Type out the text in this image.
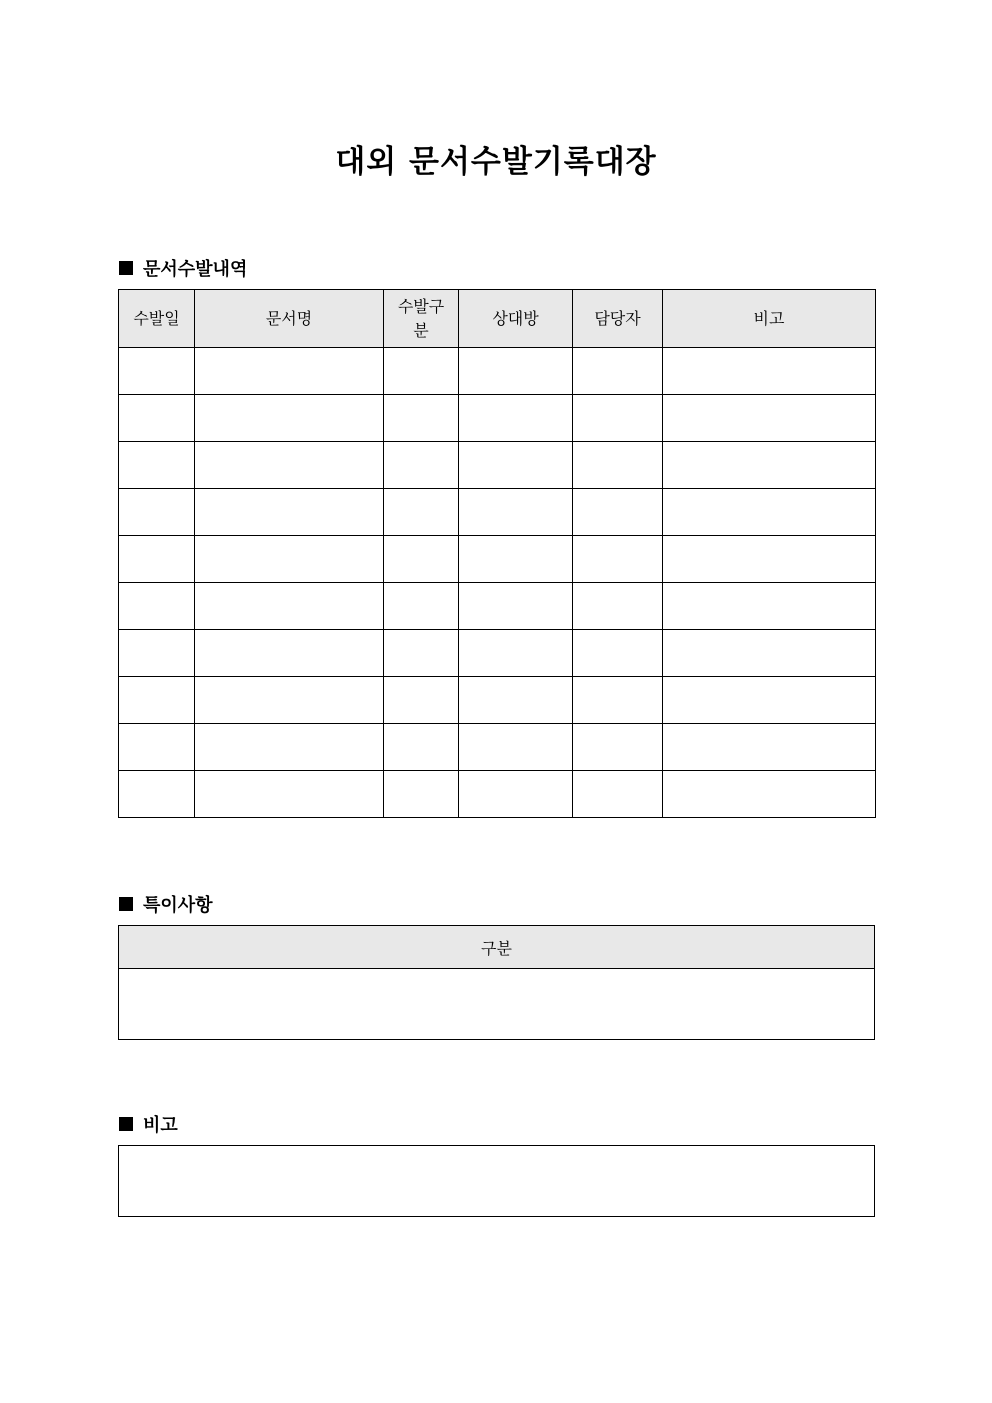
대외 문서수발기록대장
문서수발내역
수발일	문서명	수발구분	상대방	담당자	비고

특이사항
구분

비고
